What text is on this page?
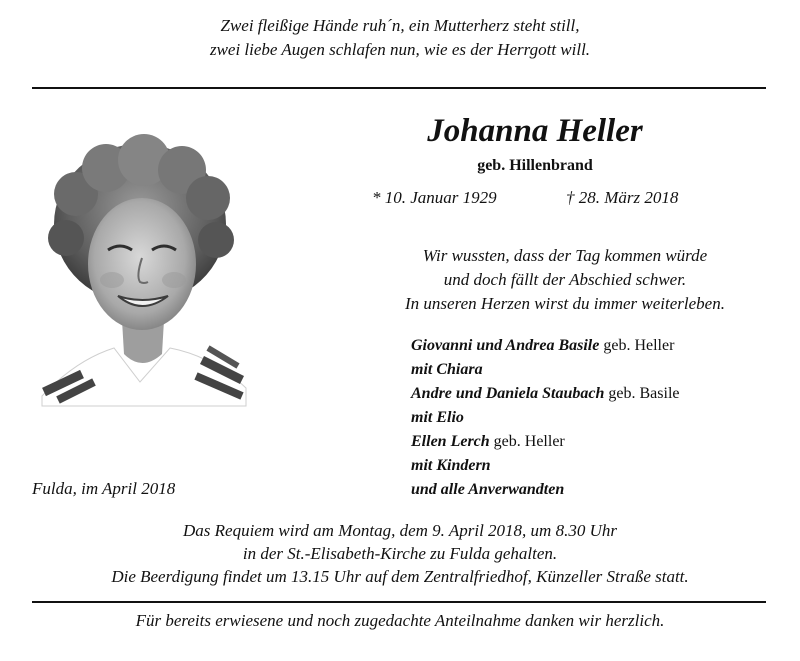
Zwei fleißige Hände ruh´n, ein Mutterherz steht still,
zwei liebe Augen schlafen nun, wie es der Herrgott will.
Johanna Heller
geb. Hillenbrand
* 10. Januar 1929	† 28. März 2018
Wir wussten, dass der Tag kommen würde
und doch fällt der Abschied schwer.
In unseren Herzen wirst du immer weiterleben.
Giovanni und Andrea Basile geb. Heller
mit Chiara
Andre und Daniela Staubach geb. Basile
mit Elio
Ellen Lerch geb. Heller
mit Kindern
und alle Anverwandten
Fulda, im April 2018
Das Requiem wird am Montag, dem 9. April 2018, um 8.30 Uhr
in der St.-Elisabeth-Kirche zu Fulda gehalten.
Die Beerdigung findet um 13.15 Uhr auf dem Zentralfriedhof, Künzeller Straße statt.
Für bereits erwiesene und noch zugedachte Anteilnahme danken wir herzlich.
